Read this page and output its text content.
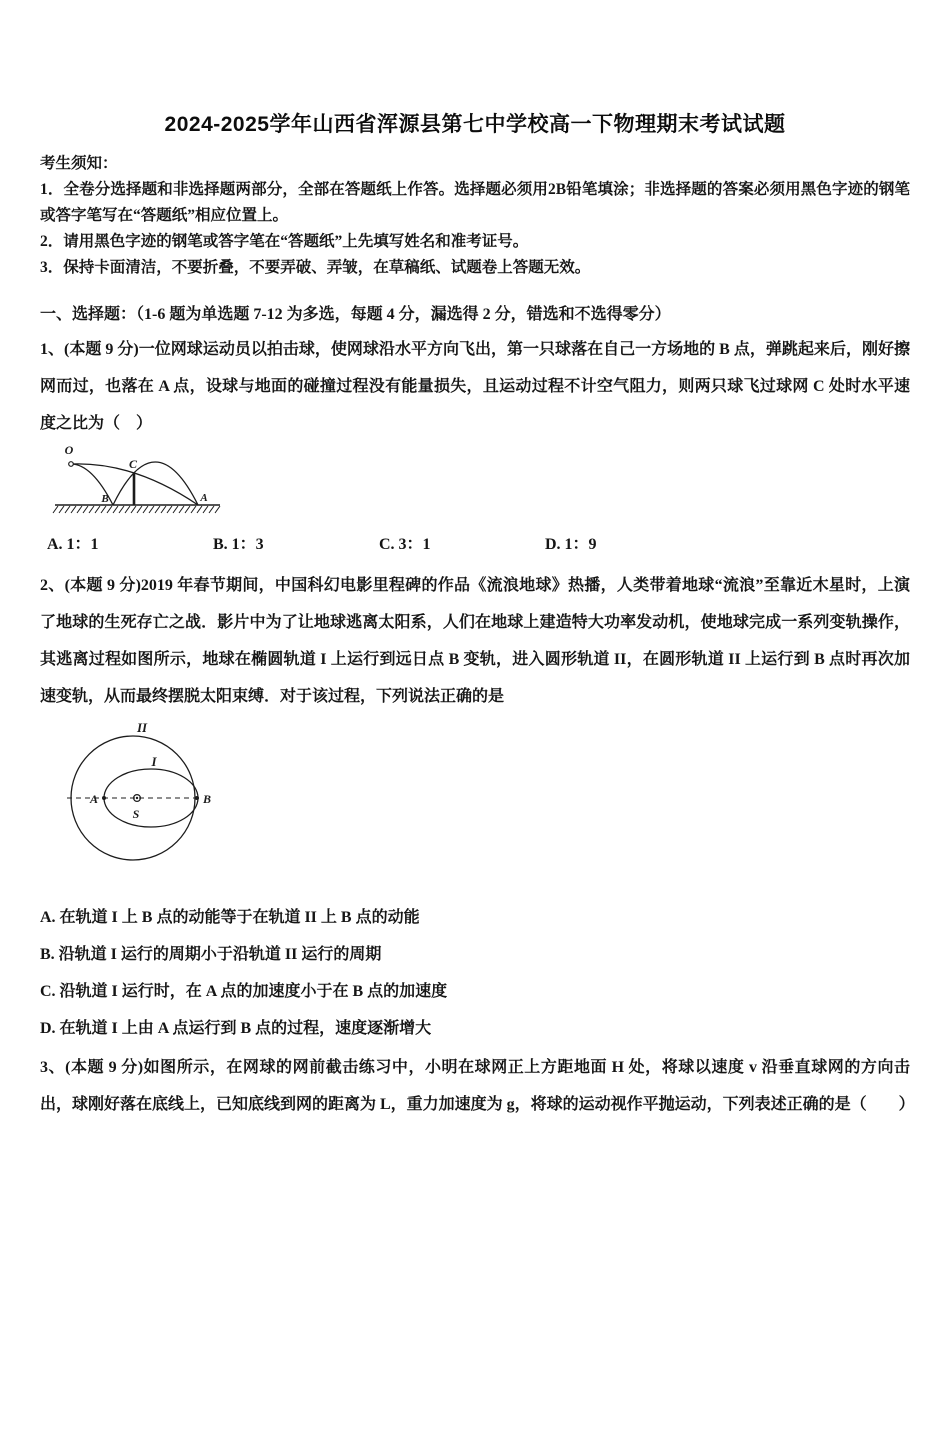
2024-2025学年山西省浑源县第七中学校高一下物理期末考试试题
考生须知：
1．全卷分选择题和非选择题两部分，全部在答题纸上作答。选择题必须用2B铅笔填涂；非选择题的答案必须用黑色字迹的钢笔或答字笔写在“答题纸”相应位置上。
2．请用黑色字迹的钢笔或答字笔在“答题纸”上先填写姓名和准考证号。
3．保持卡面清洁，不要折叠，不要弄破、弄皱，在草稿纸、试题卷上答题无效。
一、选择题：（1-6 题为单选题 7-12 为多选，每题 4 分，漏选得 2 分，错选和不选得零分）

1、(本题 9 分)一位网球运动员以拍击球，使网球沿水平方向飞出，第一只球落在自己一方场地的 B 点，弹跳起来后，刚好擦网而过，也落在 A 点，设球与地面的碰撞过程没有能量损失，且运动过程不计空气阻力，则两只球飞过球网 C 处时水平速度之比为（　）

O
C
B	A
A. 1：1	B. 1：3	C. 3：1	D. 1：9

2、(本题 9 分)2019 年春节期间，中国科幻电影里程碑的作品《流浪地球》热播，人类带着地球“流浪”至靠近木星时，上演了地球的生死存亡之战．影片中为了让地球逃离太阳系，人们在地球上建造特大功率发动机，使地球完成一系列变轨操作，其逃离过程如图所示，地球在椭圆轨道 I 上运行到远日点 B 变轨，进入圆形轨道 II，在圆形轨道 II 上运行到 B 点时再次加速变轨，从而最终摆脱太阳束缚．对于该过程，下列说法正确的是

II
I
A	B
S
A. 在轨道 I 上 B 点的动能等于在轨道 II 上 B 点的动能
B. 沿轨道 I 运行的周期小于沿轨道 II 运行的周期
C. 沿轨道 I 运行时，在 A 点的加速度小于在 B 点的加速度
D. 在轨道 I 上由 A 点运行到 B 点的过程，速度逐渐增大

3、(本题 9 分)如图所示，在网球的网前截击练习中，小明在球网正上方距地面 H 处，将球以速度 v 沿垂直球网的方向击出，球刚好落在底线上，已知底线到网的距离为 L，重力加速度为 g，将球的运动视作平抛运动，下列表述正确的是（　　）
